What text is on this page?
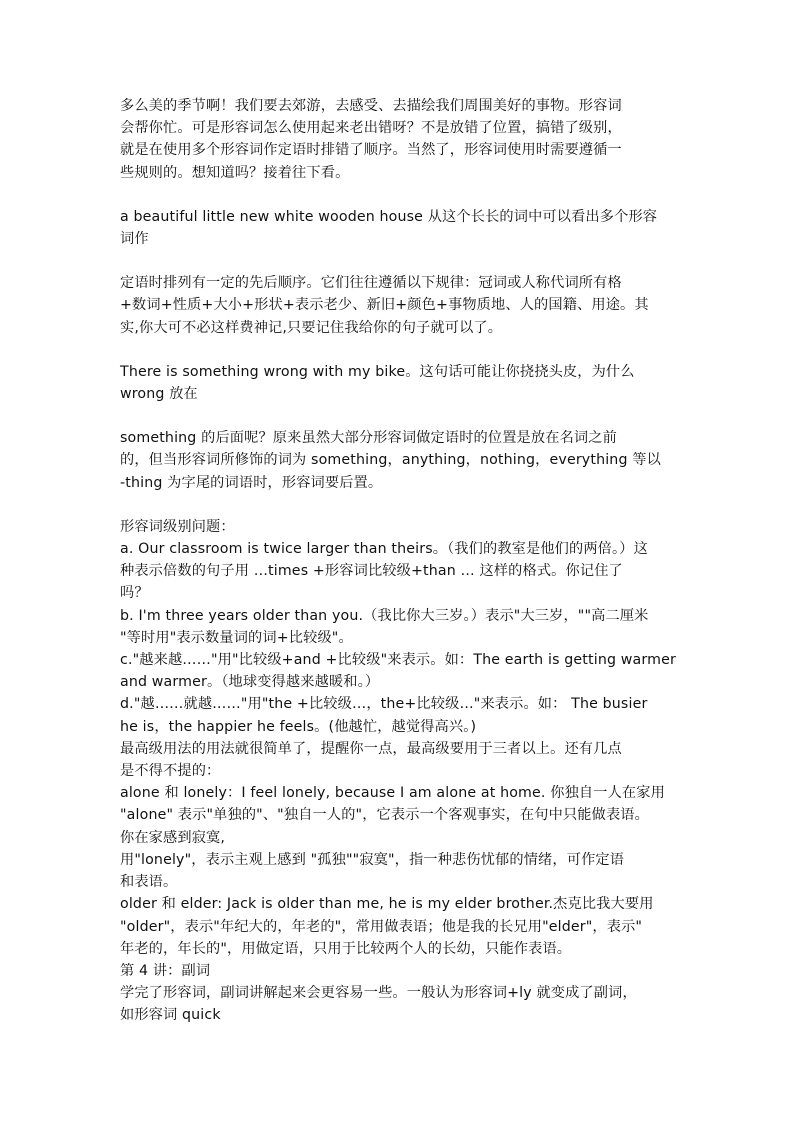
多么美的季节啊！我们要去郊游，去感受、去描绘我们周围美好的事物。形容词

会帮你忙。可是形容词怎么使用起来老出错呀？不是放错了位置，搞错了级别，

就是在使用多个形容词作定语时排错了顺序。当然了，形容词使用时需要遵循一

些规则的。想知道吗？接着往下看。

a beautiful little new white wooden house 从这个长长的词中可以看出多个形容

词作

定语时排列有一定的先后顺序。它们往往遵循以下规律：冠词或人称代词所有格

+数词+性质+大小+形状+表示老少、新旧+颜色+事物质地、人的国籍、用途。其

实,你大可不必这样费神记,只要记住我给你的句子就可以了。

There is something wrong with my bike。这句话可能让你挠挠头皮，为什么

wrong 放在

something 的后面呢？原来虽然大部分形容词做定语时的位置是放在名词之前

的，但当形容词所修饰的词为 something，anything，nothing，everything 等以

-thing 为字尾的词语时，形容词要后置。

形容词级别问题：

a. Our classroom is twice larger than theirs。（我们的教室是他们的两倍。）这

种表示倍数的句子用 …times +形容词比较级+than … 这样的格式。你记住了

吗？

b. I'm three years older than you.（我比你大三岁。）表示"大三岁，""高二厘米

"等时用"表示数量词的词+比较级"。

c."越来越……"用"比较级+and +比较级"来表示。如：The earth is getting warmer

and warmer。（地球变得越来越暖和。）

d."越……就越……"用"the +比较级…，the+比较级…"来表示。如： The busier

he is，the happier he feels。(他越忙，越觉得高兴。)

最高级用法的用法就很简单了，提醒你一点，最高级要用于三者以上。还有几点

是不得不提的：

alone 和 lonely：I feel lonely, because I am alone at home. 你独自一人在家用

"alone" 表示"单独的"、"独自一人的"，它表示一个客观事实，在句中只能做表语。

你在家感到寂寞,

用"lonely"，表示主观上感到 "孤独""寂寞"，指一种悲伤忧郁的情绪，可作定语

和表语。

older 和 elder: Jack is older than me, he is my elder brother.杰克比我大要用

"older"，表示"年纪大的，年老的"，常用做表语；他是我的长兄用"elder"，表示"

年老的，年长的"，用做定语，只用于比较两个人的长幼，只能作表语。

第 4 讲：副词

学完了形容词，副词讲解起来会更容易一些。一般认为形容词+ly 就变成了副词，

如形容词 quick
